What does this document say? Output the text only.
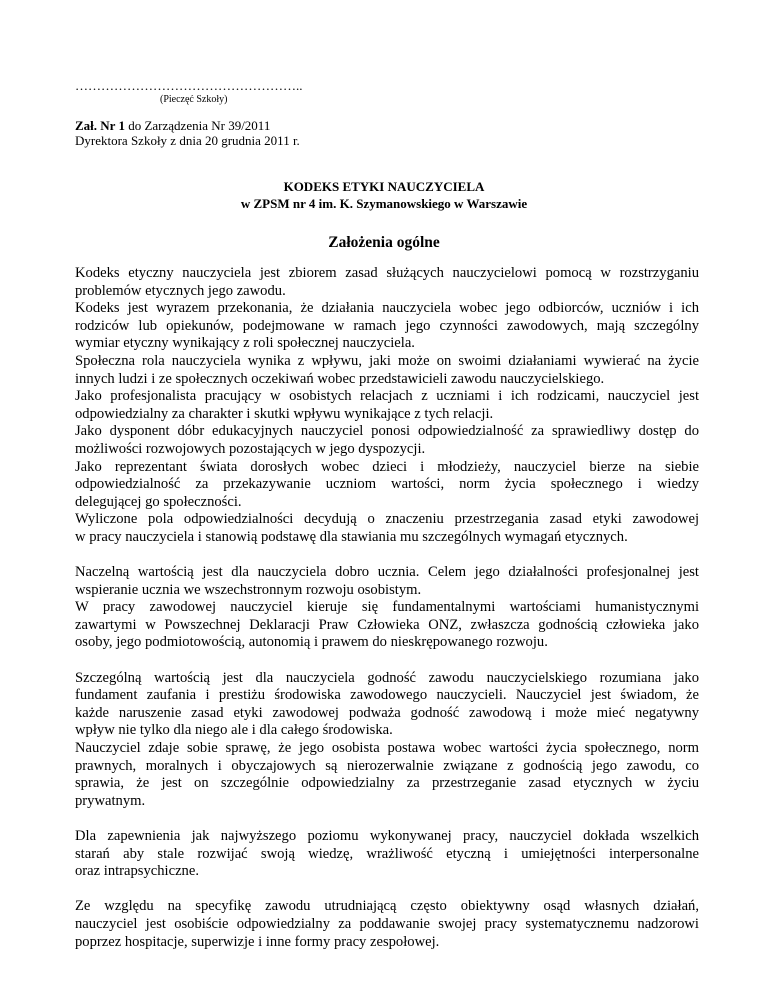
……………………………………………..
(Pieczęć Szkoły)
Zał. Nr 1 do Zarządzenia Nr 39/2011
Dyrektora Szkoły z dnia 20 grudnia 2011 r.
KODEKS ETYKI NAUCZYCIELA
w ZPSM nr 4 im. K. Szymanowskiego w Warszawie
Założenia ogólne
Kodeks etyczny nauczyciela jest zbiorem zasad służących nauczycielowi pomocą w rozstrzyganiu
problemów etycznych jego zawodu.
Kodeks jest wyrazem przekonania, że działania nauczyciela wobec jego odbiorców, uczniów i ich
rodziców lub opiekunów, podejmowane w ramach jego czynności zawodowych, mają szczególny
wymiar etyczny wynikający z roli społecznej nauczyciela.
Społeczna rola nauczyciela wynika z wpływu, jaki może on swoimi działaniami wywierać na życie
innych ludzi i ze społecznych oczekiwań wobec przedstawicieli zawodu nauczycielskiego.
Jako profesjonalista pracujący w osobistych relacjach z uczniami i ich rodzicami, nauczyciel jest
odpowiedzialny za charakter i skutki wpływu wynikające z tych relacji.
Jako dysponent dóbr edukacyjnych nauczyciel ponosi odpowiedzialność za sprawiedliwy dostęp do
możliwości rozwojowych pozostających w jego dyspozycji.
Jako reprezentant świata dorosłych wobec dzieci i młodzieży, nauczyciel bierze na siebie
odpowiedzialność za przekazywanie uczniom wartości, norm życia społecznego i wiedzy
delegującej go społeczności.
Wyliczone pola odpowiedzialności decydują o znaczeniu przestrzegania zasad etyki zawodowej
w pracy nauczyciela i stanowią podstawę dla stawiania mu szczególnych wymagań etycznych.
Naczelną wartością jest dla nauczyciela dobro ucznia. Celem jego działalności profesjonalnej jest
wspieranie ucznia we wszechstronnym rozwoju osobistym.
W pracy zawodowej nauczyciel kieruje się fundamentalnymi wartościami humanistycznymi
zawartymi w Powszechnej Deklaracji Praw Człowieka ONZ, zwłaszcza godnością człowieka jako
osoby, jego podmiotowością, autonomią i prawem do nieskrępowanego rozwoju.
Szczególną wartością jest dla nauczyciela godność zawodu nauczycielskiego rozumiana jako
fundament zaufania i prestiżu środowiska zawodowego nauczycieli. Nauczyciel jest świadom, że
każde naruszenie zasad etyki zawodowej podważa godność zawodową i może mieć negatywny
wpływ nie tylko dla niego ale i dla całego środowiska.
Nauczyciel zdaje sobie sprawę, że jego osobista postawa wobec wartości życia społecznego, norm
prawnych, moralnych i obyczajowych są nierozerwalnie związane z godnością jego zawodu, co
sprawia, że jest on szczególnie odpowiedzialny za przestrzeganie zasad etycznych w życiu
prywatnym.
Dla zapewnienia jak najwyższego poziomu wykonywanej pracy, nauczyciel dokłada wszelkich
starań aby stale rozwijać swoją wiedzę, wrażliwość etyczną i umiejętności interpersonalne
oraz intrapsychiczne.
Ze względu na specyfikę zawodu utrudniającą często obiektywny osąd własnych działań,
nauczyciel jest osobiście odpowiedzialny za poddawanie swojej pracy systematycznemu nadzorowi
poprzez hospitacje, superwizje i inne formy pracy zespołowej.
